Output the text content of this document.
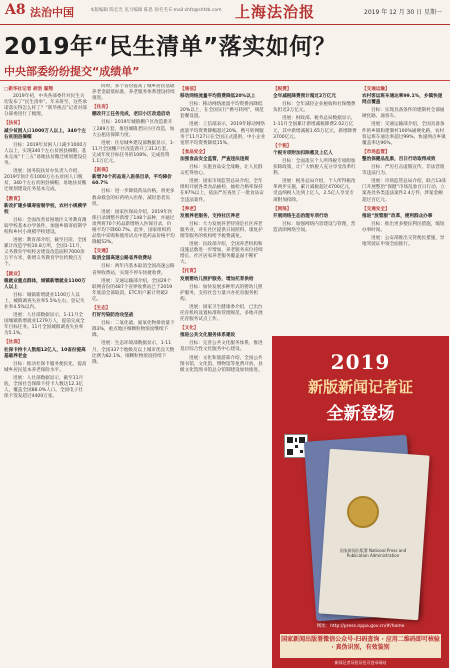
A8 法治中国	本版编辑 陈宏光 见习编辑 陈思 徐毛毛 E-mail:shfz@shfzb.com 上海法治报	2019 年 12 月 30 日 星期一
2019年“民生清单”落实如何？
中央部委纷纷提交“成绩单”

□新华社记者 胡浩 翟翔

2019年初，中央各部委针对民生关切发布了“民生清单”。年末将至，这些承诺落实得怎么样了？“新华视点”记者对部分部委进行了梳理。

【扶贫】

减少贫困人口1000万人以上，340个左右贫困县摘帽

目标：2019年贫困人口减少1000万人以上，实现340个左右贫困县摘帽。基本完成“十三五”易地扶贫搬迁规划建设任务。

进展：国务院扶贫办负责人介绍，2019年预计有1000万左右贫困人口脱贫，340个左右贫困县摘帽，易地扶贫搬迁规划建设任务基本完成。

【教育】

新改扩建乡镇寄宿制学校，农村小规模学校

目标：全面改善贫困地区义务教育薄弱学校基本办学条件，加强乡镇寄宿制学校和乡村小规模学校建设。

进展：教育部介绍，截至目前，全国累计改造学校10.8万所，全国1-11月，义务教育学校校舍建设改造面积7000余万平方米，新增义务教育学位约数百万个。

【就业】

稳就业重点群体，城镇新增就业1100万人以上

目标：城镇新增就业1100万人以上，城镇调查失业率5.5%左右，登记失业率4.5%以内。

进展：人社部数据显示，1-11月全国城镇新增就业1279万人，提前完成全年目标任务。11月全国城镇调查失业率为5.1%。

【社保】

社保卡持卡人数超12亿人，10省份提高基础养老金

目标：推动社保卡服务便民化，提高城乡居民基本养老保险水平。

进展：人社部数据显示，截至11月底，全国社会保障卡持卡人数达12.3亿人，覆盖全国88.0%人口。全国电子社保卡签发超过4400万张。

同时，多个省份提高了城乡居民基础养老金最低标准，养老服务体系建设持续推进。

【住房】

棚改开工任务完成，老旧小区改造启动

目标：2019年城镇棚户区改造新开工289万套，推进城镇老旧小区改造，加大公租房保障力度。

进展：住房城乡建设部数据显示，1-11月全国棚户区改造新开工313万套，完成年度目标任务的108%，完成投资1.1万亿元。

【医保】

新增70个药品进入医保目录，平均降价60.7%

目标：进一步降低药品价格，将更多救命救急的好药纳入医保，减轻患者负担。

进展：国家医保局介绍，2019年医保目录调整共新增了148个品种，并通过谈判将70个药品新增纳入医保目录，价格平均下降60.7%。此外，国家组织药品集中采购和使用试点中选药品价格平均降幅52%。

【交通】

取消全国高速公路省界收费站

目标：两年内基本取消全国高速公路省界收费站，实现不停车快捷收费。

进展：交通运输部介绍，全国29个联网省份的487个省界收费站已于2019年底前全部取消，ETC用户累计突破2亿。

【生态】

打好污染防治攻坚战

目标：二氧化硫、氮氧化物排放量下降3%，重点地区细颗粒物浓度继续下降。

进展：生态环境部数据显示，1-11月，全国337个地级及以上城市优良天数比例为82.1%，细颗粒物浓度持续下降。

【通信】

移动网络流量平均资费降低20%以上

目标：移动网络流量平均资费再降低20%以上，在全国实行“携号转网”，规范套餐设置。

进展：工信部表示，2019年移动网络流量平均资费降幅超过20%，携号转网服务于11月27日在全国正式提供，中小企业宽带平均资费降低15%。

【食品安全】

加强食品安全监管，严查违法违规

目标：实施食品安全战略，让人民群众吃得放心。

进展：国家市场监管总局介绍，全年组织开展各类食品抽检，抽检合格率保持在97%以上，依法严厉查处了一批食品安全违法案件。

【养老】

发展养老服务，支持社区养老

目标：大力发展养老特别是社区养老服务业，对在社区提供日间照料、康复护理等服务的机构给予税费减免。

进展：民政部介绍，全国养老机构和设施总数进一步增加，养老服务床位持续增长，社区居家养老服务覆盖面不断扩大。

【托育】

发展婴幼儿照护服务，增加托育供给

目标：加快发展多种形式的婴幼儿照护服务，支持社会力量兴办托育服务机构。

进展：国家卫生健康委介绍，已出台托育机构设置标准和管理规范，多地开展托育服务试点工作。

【文化】

推进公共文化服务体系建设

目标：完善公共文化服务体系，推进基层综合性文化服务中心建设。

进展：文化和旅游部介绍，全国公共图书馆、文化馆、博物馆等免费开放，县级文化馆图书馆总分馆制建设加快推进。

【税费】

全年减税降费预计超过2万亿元

目标：全年减轻企业税收和社保缴费负担近2万亿元。

进展：财政部、税务总局数据显示，1-11月全国累计新增减税降费2.02万亿元，其中新增减税1.65万亿元，新增降费3700亿元。

【个税】

个税专项附加扣除惠及上亿人

目标：全面落实个人所得税专项附加扣除政策，让广大纳税人充分享受改革红利。

进展：税务总局介绍，个人所得税改革两步实施，累计减税超过4700亿元，受益纳税人达到上亿人，2.5亿人享受专项附加扣除。

【网络】

开展网络生态治理专项行动

目标：加强网络内容建设与管理，营造清朗网络空间。

【交通运输】

农村客运班车通达率99.1%，乡镇快递网点覆盖

目标：实现具备条件的建制村全部通硬化路、通客车。

进展：交通运输部介绍，全国具备条件的乡镇和建制村100%通硬化路，农村客运班车通达率超过99%，快递网点乡镇覆盖率达96%。

【市场监管】

整治保健品乱象，百日行动取得成效

目标：严厉打击虚假宣传、非法营销等违法行为。

进展：市场监管总局介绍，联合13部门开展整治“保健”市场乱象百日行动，立案查处各类违法案件2.4万件，涉案金额超过百亿元。

【交通安全】

推进“放管服”改革，便利群众办事

目标：推出更多便民利民措施，缩短办事时间。

进展：公安部推出交管便民措施，异地驾驶证申领全面推行。

2019
新版新闻记者证
全新登场
国家新闻出版署 National Press and Publication Administration
网址：http://press.nppa.gov.cn/#/home
国家新闻出版署微信公众号·扫码查询 · 应用二维码即可核验 · 真伪识别，有效鉴别
新闻记者证验证也可登录网站
